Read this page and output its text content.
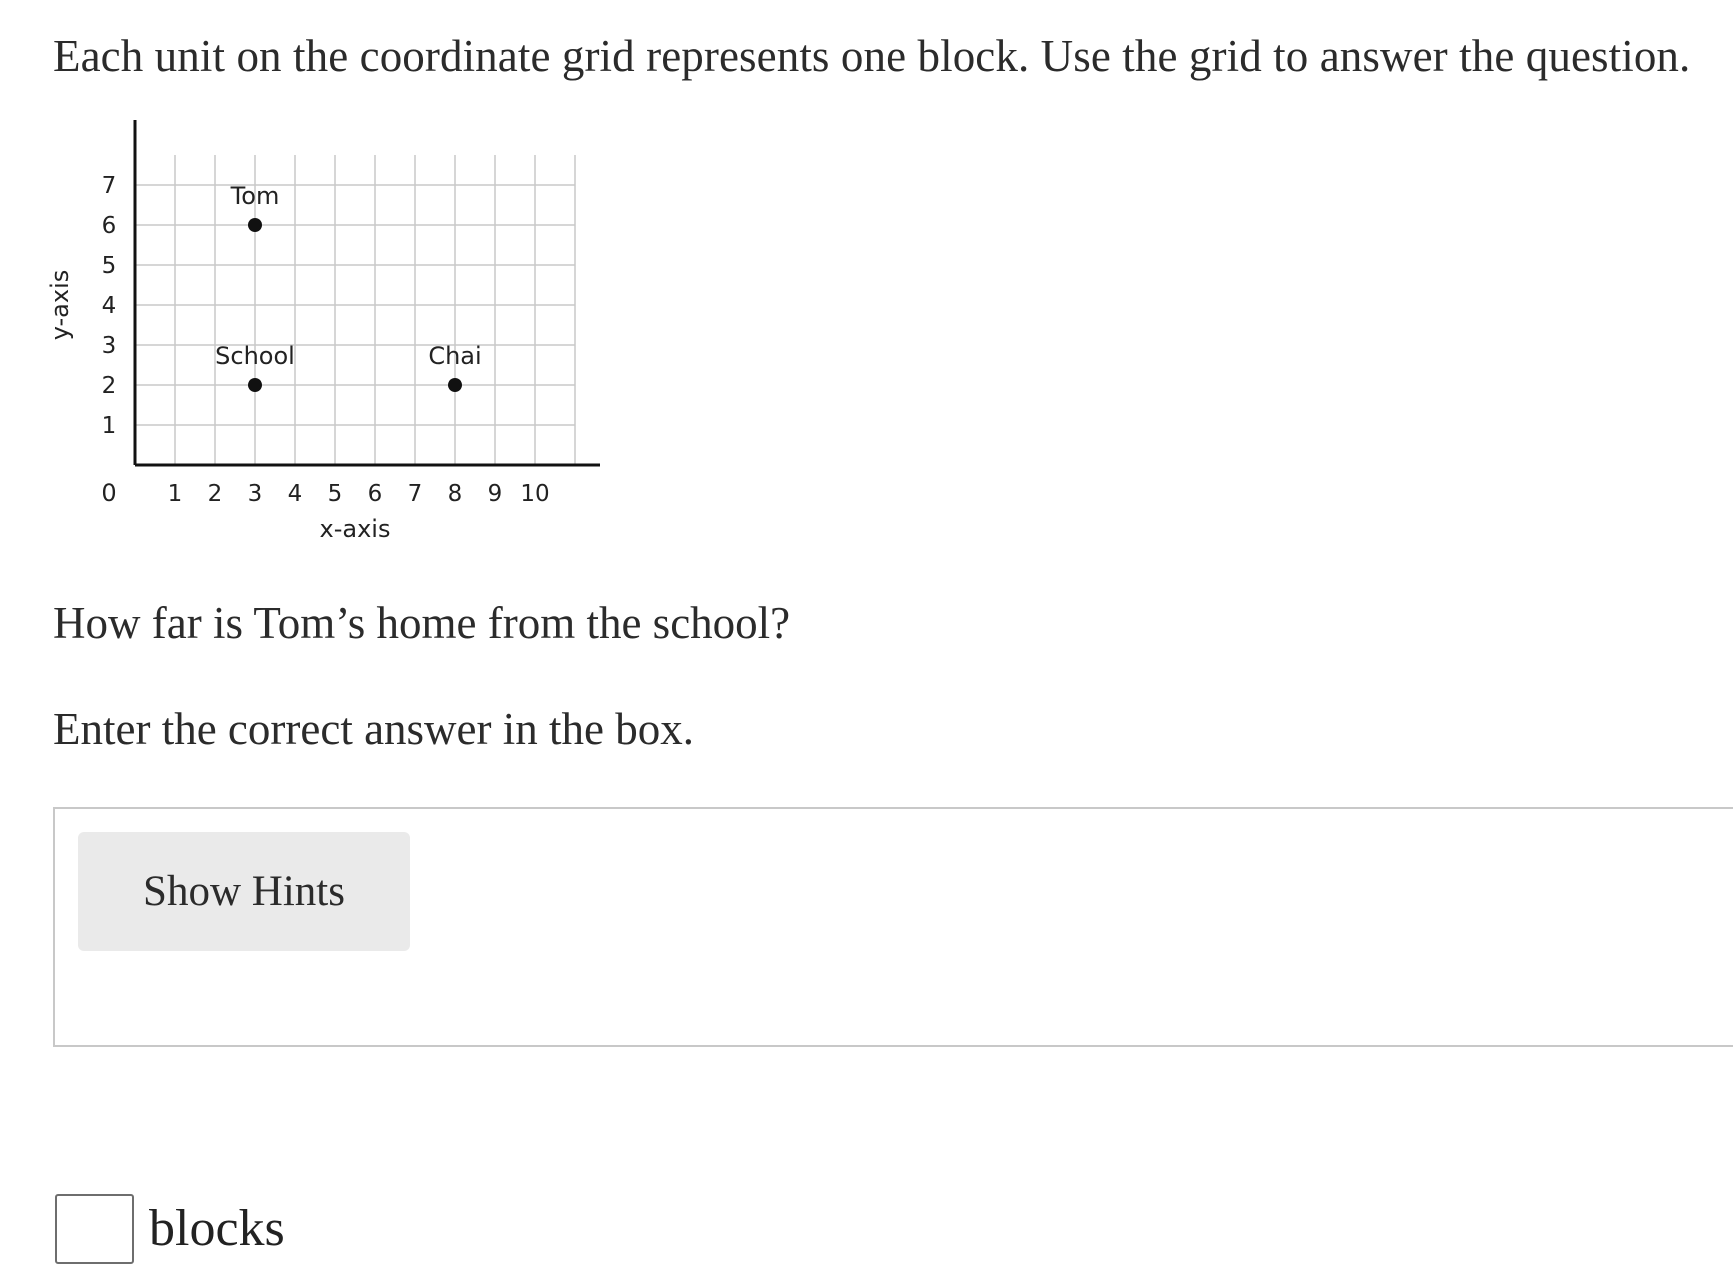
Each unit on the coordinate grid represents one block. Use the grid to answer the question.

1 2 3 4 5 6 7 8 9 10
1
2
3
4
5
6
7	Tom
School	Chai
x-axis
y-axis
0

How far is Tom’s home from the school?

Enter the correct answer in the box.

Show Hints
blocks
